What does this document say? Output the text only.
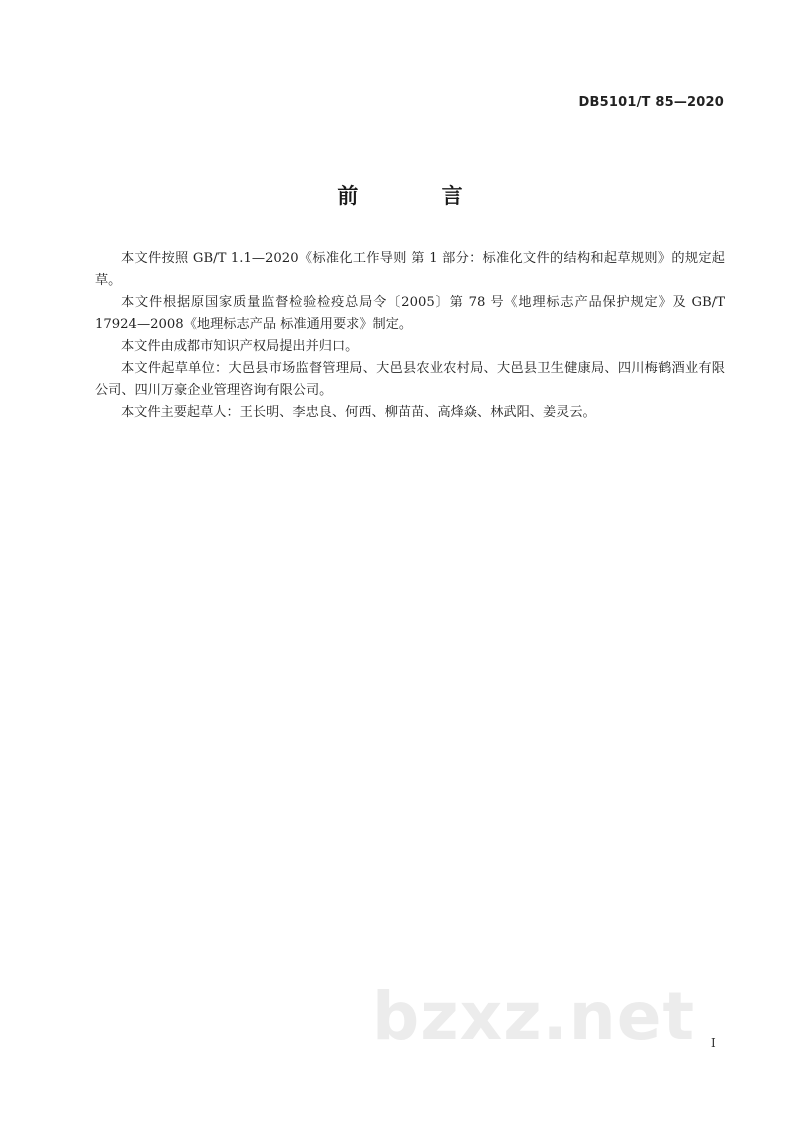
DB5101/T 85—2020
前 言

本文件按照 GB/T 1.1—2020《标准化工作导则 第 1 部分：标准化文件的结构和起草规则》的规定起草。

本文件根据原国家质量监督检验检疫总局令〔2005〕第 78 号《地理标志产品保护规定》及 GB/T 17924—2008《地理标志产品 标准通用要求》制定。

本文件由成都市知识产权局提出并归口。

本文件起草单位：大邑县市场监督管理局、大邑县农业农村局、大邑县卫生健康局、四川梅鹤酒业有限公司、四川万豪企业管理咨询有限公司。

本文件主要起草人：王长明、李忠良、何西、柳苗苗、高烽焱、林武阳、姜灵云。

bzxz.net I
